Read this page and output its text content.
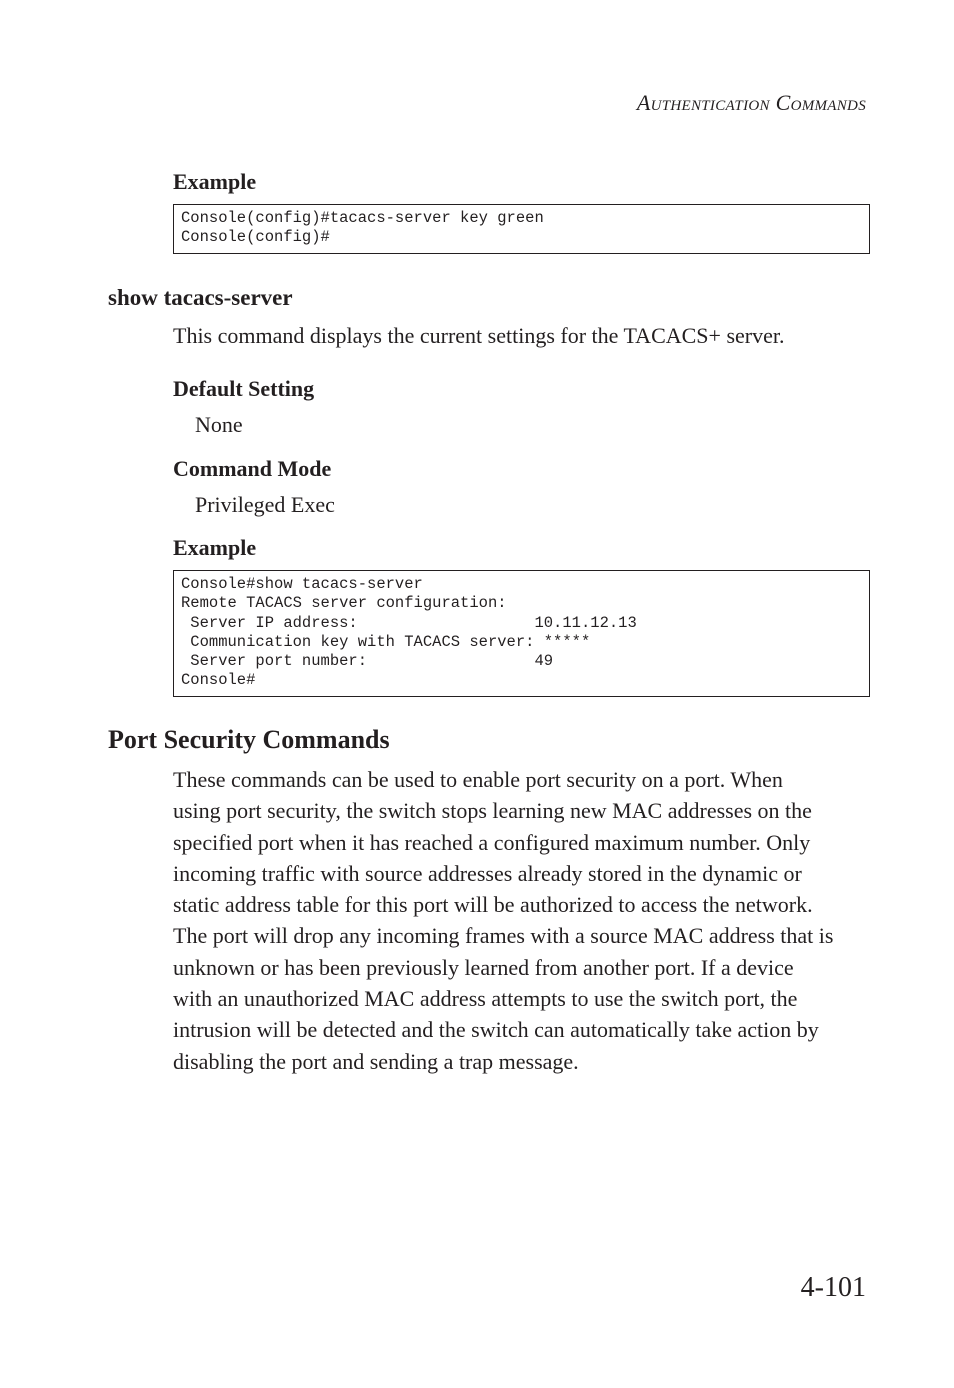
Authentication Commands
Example
Console(config)#tacacs-server key green
Console(config)#
show tacacs-server
This command displays the current settings for the TACACS+ server.
Default Setting
None
Command Mode
Privileged Exec
Example
Console#show tacacs-server
Remote TACACS server configuration:
Server IP address:                   10.11.12.13
Communication key with TACACS server: *****
Server port number:                  49
Console#
Port Security Commands
These commands can be used to enable port security on a port. When
using port security, the switch stops learning new MAC addresses on the
specified port when it has reached a configured maximum number. Only
incoming traffic with source addresses already stored in the dynamic or
static address table for this port will be authorized to access the network.
The port will drop any incoming frames with a source MAC address that is
unknown or has been previously learned from another port. If a device
with an unauthorized MAC address attempts to use the switch port, the
intrusion will be detected and the switch can automatically take action by
disabling the port and sending a trap message.
4-101
